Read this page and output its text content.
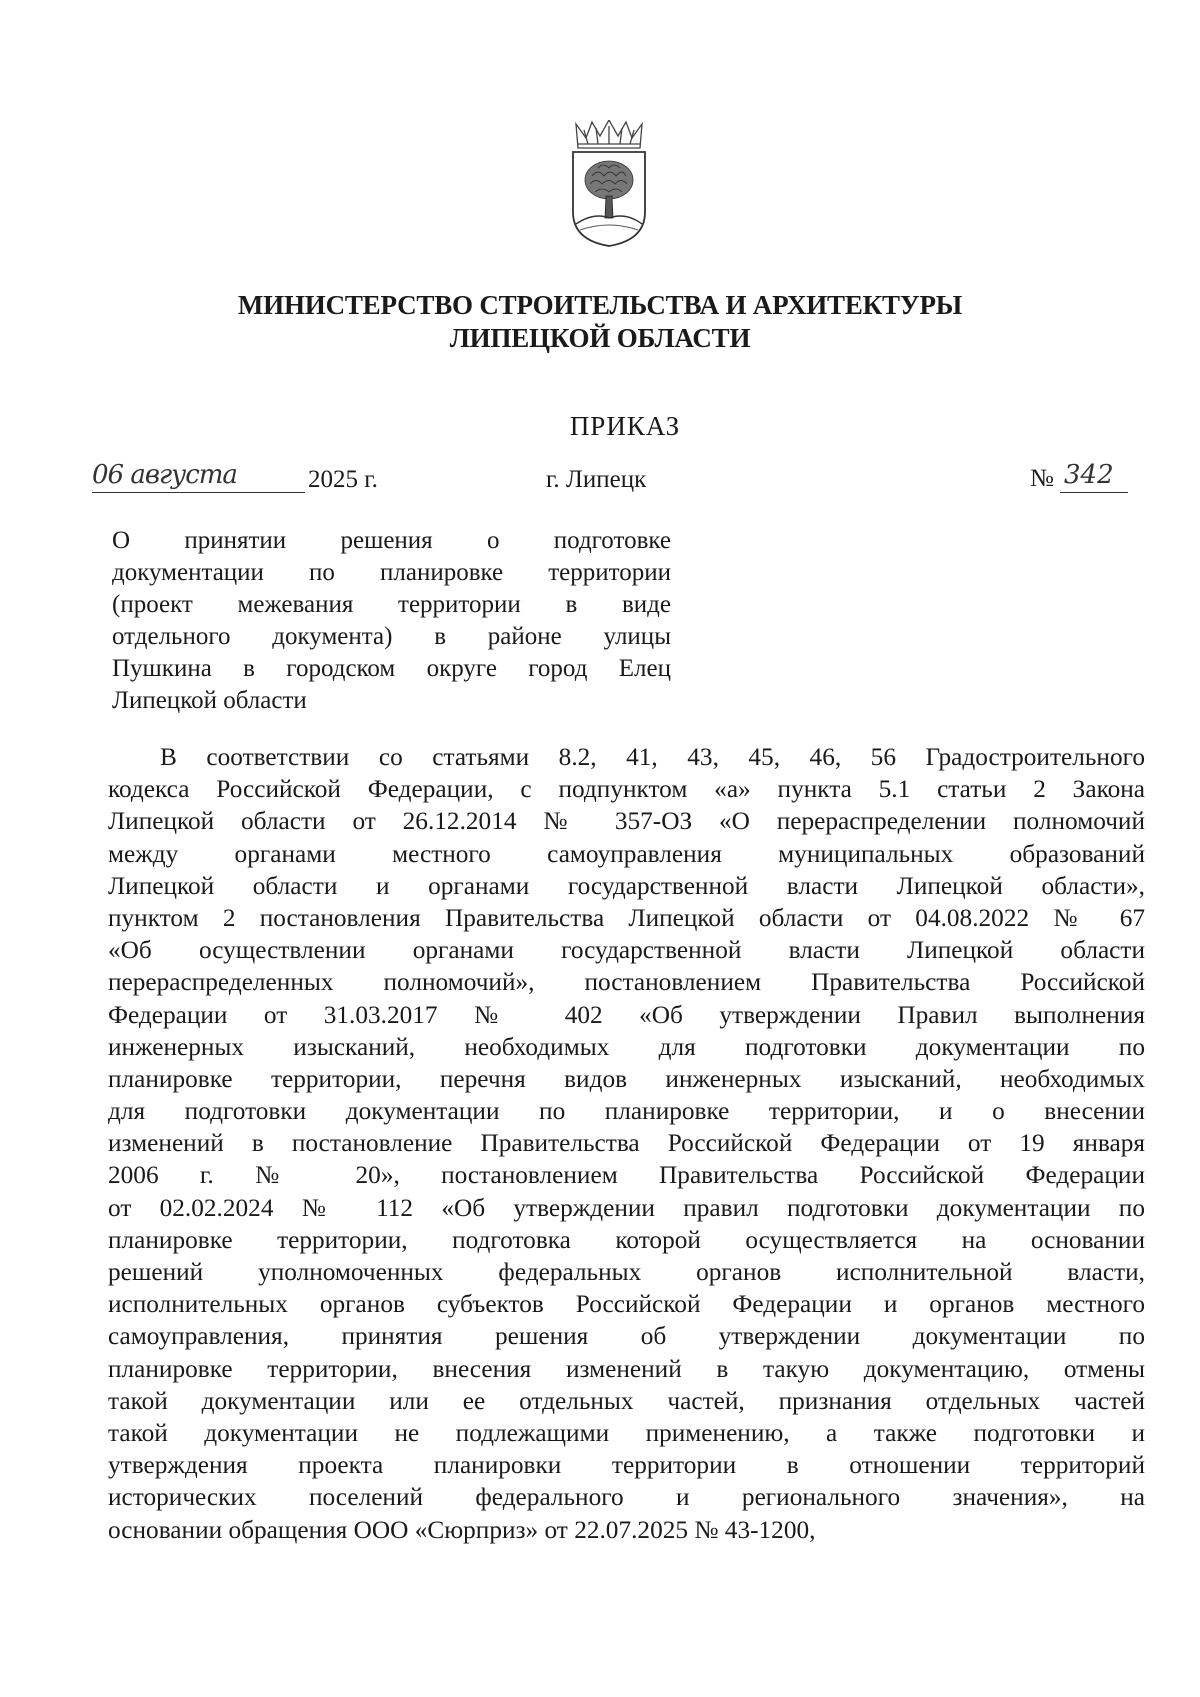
МИНИСТЕРСТВО СТРОИТЕЛЬСТВА И АРХИТЕКТУРЫ
ЛИПЕЦКОЙ ОБЛАСТИ
ПРИКАЗ
06 августа	2025 г.	г. Липецк	№ 342
О принятии решения о подготовке
документации по планировке территории
(проект межевания территории в виде
отдельного документа) в районе улицы
Пушкина в городском округе город Елец
Липецкой области
В соответствии со статьями 8.2, 41, 43, 45, 46, 56 Градостроительного
кодекса Российской Федерации, с подпунктом «а» пункта 5.1 статьи 2 Закона
Липецкой области от 26.12.2014 № 357-ОЗ «О перераспределении полномочий
между органами местного самоуправления муниципальных образований
Липецкой области и органами государственной власти Липецкой области»,
пунктом 2 постановления Правительства Липецкой области от 04.08.2022 № 67
«Об осуществлении органами государственной власти Липецкой области
перераспределенных полномочий», постановлением Правительства Российской
Федерации от 31.03.2017 № 402 «Об утверждении Правил выполнения
инженерных изысканий, необходимых для подготовки документации по
планировке территории, перечня видов инженерных изысканий, необходимых
для подготовки документации по планировке территории, и о внесении
изменений в постановление Правительства Российской Федерации от 19 января
2006 г. № 20», постановлением Правительства Российской Федерации
от 02.02.2024 № 112 «Об утверждении правил подготовки документации по
планировке территории, подготовка которой осуществляется на основании
решений уполномоченных федеральных органов исполнительной власти,
исполнительных органов субъектов Российской Федерации и органов местного
самоуправления, принятия решения об утверждении документации по
планировке территории, внесения изменений в такую документацию, отмены
такой документации или ее отдельных частей, признания отдельных частей
такой документации не подлежащими применению, а также подготовки и
утверждения проекта планировки территории в отношении территорий
исторических поселений федерального и регионального значения», на
основании обращения ООО «Сюрприз» от 22.07.2025 № 43-1200,
